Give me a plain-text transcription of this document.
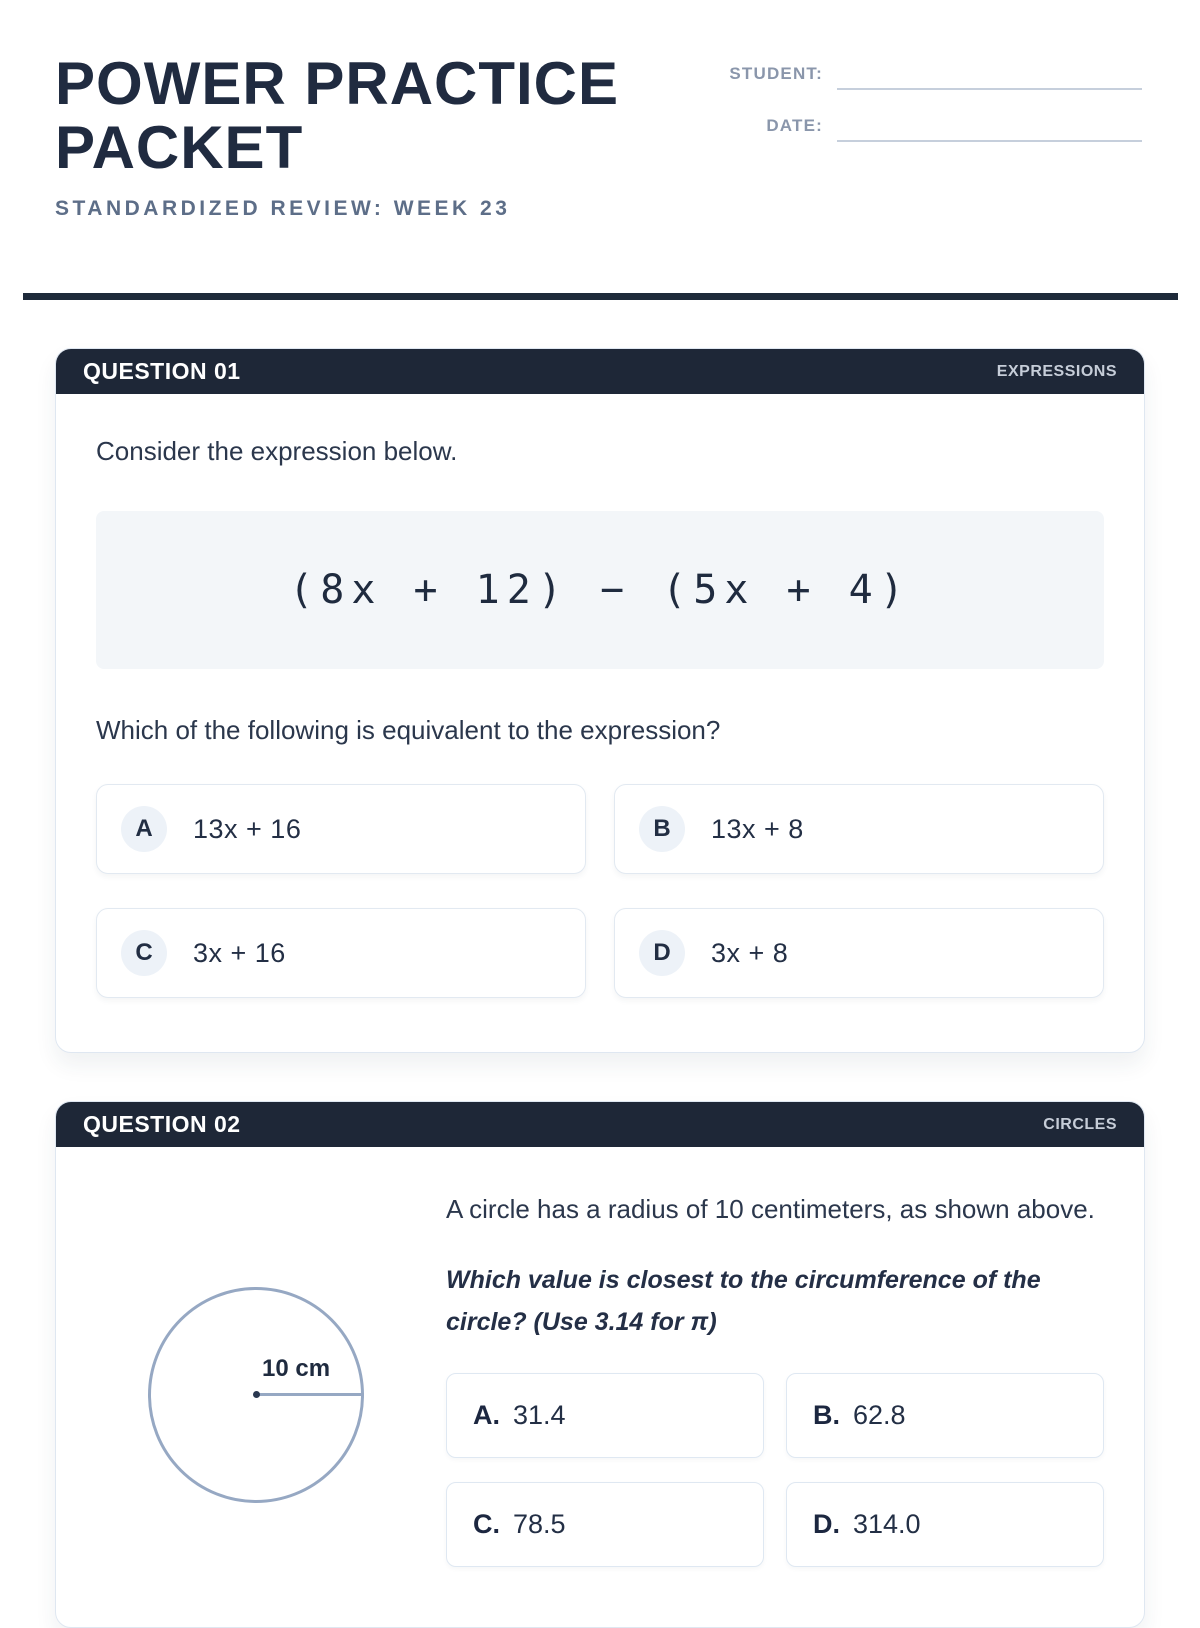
POWER PRACTICE PACKET
STANDARDIZED REVIEW: WEEK 23
STUDENT:
DATE:
QUESTION 01	EXPRESSIONS
Consider the expression below.
(8x + 12) − (5x + 4)
Which of the following is equivalent to the expression?
A	13x + 16	B	13x + 8
C	3x + 16	D	3x + 8
QUESTION 02	CIRCLES
10 cm
A circle has a radius of 10 centimeters, as shown above.
Which value is closest to the circumference of the circle? (Use 3.14 for π)
A. 31.4	B. 62.8
C. 78.5	D. 314.0
